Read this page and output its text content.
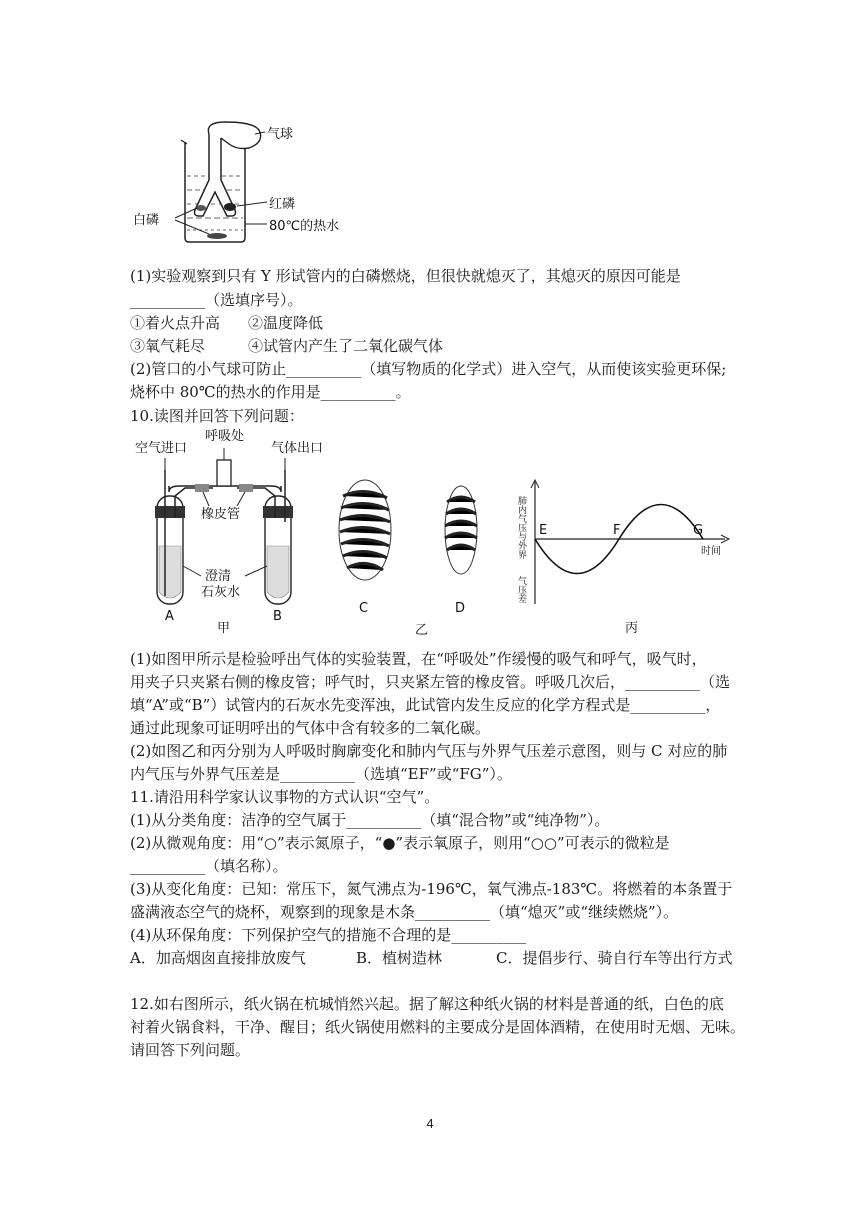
气球
红磷
白磷	80℃的热水
(1)实验观察到只有 Y 形试管内的白磷燃烧，但很快就熄灭了，其熄灭的原因可能是
__________（选填序号）。
①着火点升高 ②温度降低
③氧气耗尽	④试管内产生了二氧化碳气体
(2)管口的小气球可防止__________（填写物质的化学式）进入空气，从而使该实验更环保;
烧杯中 80℃的热水的作用是__________。
10.读图并回答下列问题：
空气进口
呼吸处
气体出口
橡皮管
澄清
石灰水
A	B
甲
C	D
乙
肺内气压与外界
气压差
E	F	G
时间
丙
(1)如图甲所示是检验呼出气体的实验装置，在“呼吸处”作缓慢的吸气和呼气，吸气时，
用夹子只夹紧右侧的橡皮管；呼气时，只夹紧左管的橡皮管。呼吸几次后，__________（选
填“A”或“B”）试管内的石灰水先变浑浊，此试管内发生反应的化学方程式是__________，
通过此现象可证明呼出的气体中含有较多的二氧化碳。
(2)如图乙和丙分别为人呼吸时胸廓变化和肺内气压与外界气压差示意图，则与 C 对应的肺
内气压与外界气压差是__________（选填“EF”或“FG”）。
11.请沿用科学家认议事物的方式认识“空气”。
(1)从分类角度：洁净的空气属于__________（填“混合物”或“纯净物”）。
(2)从微观角度：用“○”表示氮原子，“●”表示氧原子，则用“○○”可表示的微粒是
__________（填名称）。
(3)从变化角度：已知：常压下，氮气沸点为-196℃，氧气沸点-183℃。将燃着的本条置于
盛满液态空气的烧杯，观察到的现象是木条__________（填“熄灭”或“继续燃烧”）。
(4)从环保角度：下列保护空气的措施不合理的是__________
A．加高烟囱直接排放废气	B．植树造林	C．提倡步行、骑自行车等出行方式
12.如右图所示，纸火锅在杭城悄然兴起。据了解这种纸火锅的材料是普通的纸，白色的底
衬着火锅食料，干净、醒目；纸火锅使用燃料的主要成分是固体酒精，在使用时无烟、无味。
请回答下列问题。
4
